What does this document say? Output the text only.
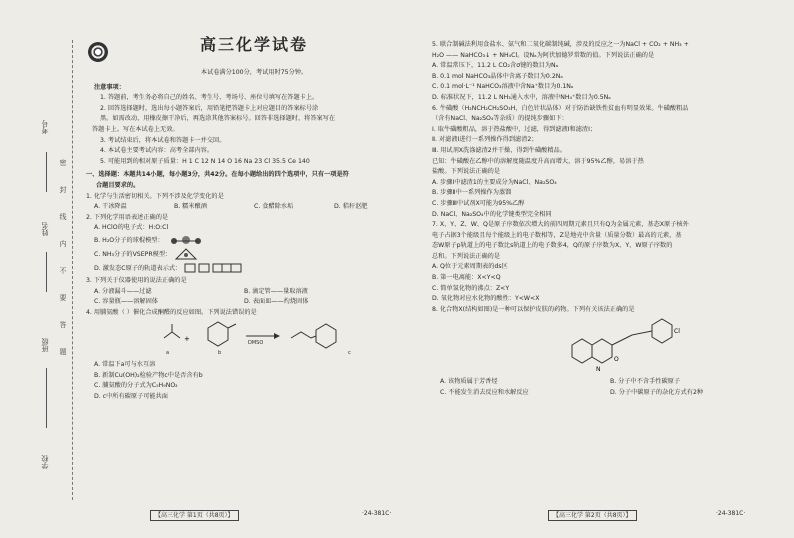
考号
姓名
班级
学校
密
封
线
内
不
要
答
题
高三化学试卷
本试卷满分100分，考试用时75分钟。
注意事项：
1. 答题前，考生务必将自己的姓名、考生号、考场号、座位号填写在答题卡上。
2. 回答选择题时，选出每小题答案后，用铅笔把答题卡上对应题目的答案标号涂
黑。如需改动，用橡皮擦干净后，再选涂其他答案标号。回答非选择题时，将答案写在
答题卡上。写在本试卷上无效。
3. 考试结束后，将本试卷和答题卡一并交回。
4. 本试卷主要考试内容：高考全部内容。
5. 可能用到的相对原子质量：H 1 C 12 N 14 O 16 Na 23 Cl 35.5 Ce 140
一、选择题：本题共14小题，每小题3分，共42分。在每小题给出的四个选项中，只有一项是符
合题目要求的。
1. 化学与生活密切相关。下列不涉及化学变化的是
A. 干冰降温	B. 糯米酿酒	C. 食醋除水垢	D. 秸秆沤肥
2. 下列化学用语表述正确的是
A. HClO的电子式：H:O:Cl
B. H₂O分子的球棍模型：
C. NH₃分子的VSEPR模型：
D. 激发态C原子的轨道表示式：
3. 下列关于仪器使用的说法正确的是
A. 分液漏斗——过滤	B. 滴定管——量取溶液
C. 容量瓶——溶解固体	D. 表面皿——灼烧固体
4. 用脯氨酸（ ）催化合成酮醛的反应如图。下列说法错误的是
+
a	b	c
DMSO
A. 常温下a可与水互溶
B. 新制Cu(OH)₂检验产物c中是否含有b
C. 脯氨酸的分子式为C₅H₉NO₂
D. c中所有碳原子可能共面
【高三化学 第1页（共8页）】	·24-381C·
5. 联合制碱法利用食盐水、氨气和二氧化碳制纯碱，涉及的反应之一为NaCl + CO₂ + NH₃ +
H₂O —— NaHCO₃↓ + NH₄Cl。设Nₐ为阿伏加德罗常数的值。下列说法正确的是
A. 常温常压下，11.2 L CO₂含σ键的数目为Nₐ
B. 0.1 mol NaHCO₃晶体中含离子数目为0.2Nₐ
C. 0.1 mol·L⁻¹ NaHCO₃溶液中含Na⁺数目为0.1Nₐ
D. 标准状况下，11.2 L NH₃通入水中，溶液中NH₄⁺数目为0.5Nₐ
6. 牛磺酸（H₂NCH₂CH₂SO₃H，白色针状晶体）对于防治缺铁性贫血有明显效果。牛磺酸粗品
（含有NaCl、Na₂SO₄等杂质）的提纯步骤如下：
Ⅰ. 取牛磺酸粗品，溶于热盐酸中，过滤，得到滤液Ⅰ和滤渣Ⅰ；
Ⅱ. 对滤液Ⅰ进行一系列操作得到滤渣2；
Ⅲ. 用试剂X洗涤滤渣2并干燥，得到牛磺酸精品。
已知：牛磺酸在乙醇中的溶解度随温度升高而增大，溶于95%乙醇，易溶于热
盐酸。下列说法正确的是
A. 步骤Ⅰ中滤渣1的主要成分为NaCl、Na₂SO₄
B. 步骤Ⅱ中一系列操作为蒸馏
C. 步骤Ⅲ中试剂X可能为95%乙醇
D. NaCl、Na₂SO₄中的化学键类型完全相同
7. X、Y、Z、W、Q是原子序数依次增大的前四周期元素且只有Q为金属元素，基态X原子核外
电子占据3个能级且每个能级上的电子数相等，Z是地壳中含量（质量分数）最高的元素，基
态W原子p轨道上的电子数比s轨道上的电子数多4，Q的原子序数为X、Y、W原子序数的
总和。下列说法正确的是
A. Q位于元素周期表的ds区
B. 第一电离能：X<Y<Q
C. 简单氢化物的沸点：Z<Y
D. 氧化物对应水化物的酸性：Y<W<X
8. 化合物X(结构如图)是一种可以保护皮肤的药物。下列有关该法正确的是
Cl
O
N
A. 该物质属于芳香烃	B. 分子中不含手性碳原子
C. 不能发生消去反应和水解反应	D. 分子中碳原子的杂化方式有2种
【高三化学 第2页（共8页）】	·24-381C·
